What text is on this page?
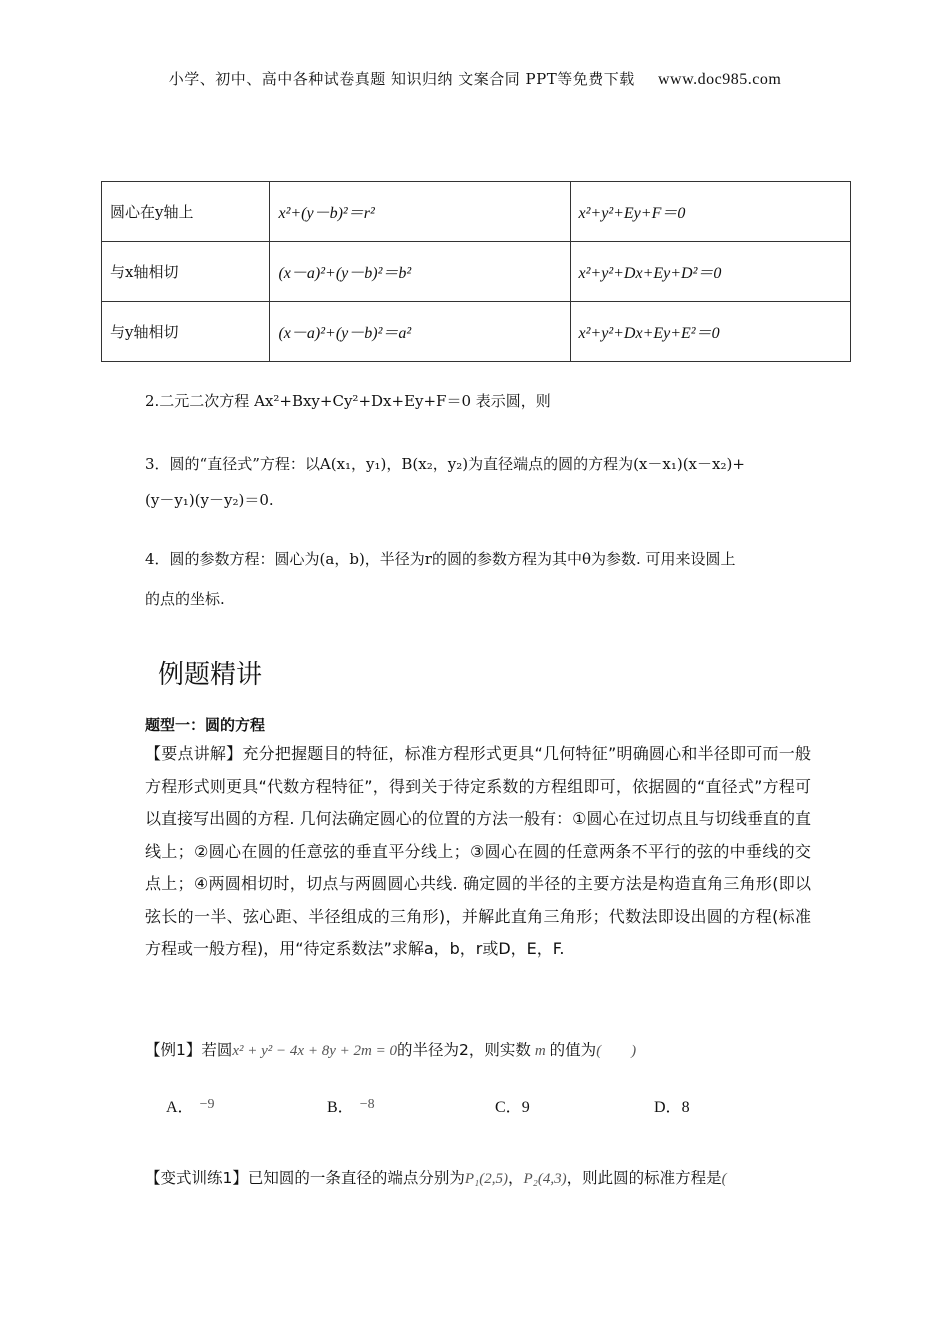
小学、初中、高中各种试卷真题 知识归纳 文案合同 PPT等免费下载 www.doc985.com
圆心在y轴上	x²+(y－b)²＝r²	x²+y²+Ey+F＝0
与x轴相切	(x－a)²+(y－b)²＝b²	x²+y²+Dx+Ey+D²＝0
与y轴相切	(x－a)²+(y－b)²＝a²	x²+y²+Dx+Ey+E²＝0
2.二元二次方程 Ax²+Bxy+Cy²+Dx+Ey+F＝0 表示圆，则
3．圆的“直径式”方程：以A(x₁，y₁)，B(x₂，y₂)为直径端点的圆的方程为(x－x₁)(x－x₂)+
(y－y₁)(y－y₂)＝0.
4．圆的参数方程：圆心为(a，b)，半径为r的圆的参数方程为其中θ为参数. 可用来设圆上
的点的坐标.
例题精讲
题型一：圆的方程
【要点讲解】充分把握题目的特征，标准方程形式更具“几何特征”明确圆心和半径即可而一般方程形式则更具“代数方程特征”，得到关于待定系数的方程组即可，依据圆的“直径式”方程可以直接写出圆的方程. 几何法确定圆心的位置的方法一般有：①圆心在过切点且与切线垂直的直线上；②圆心在圆的任意弦的垂直平分线上；③圆心在圆的任意两条不平行的弦的中垂线的交点上；④两圆相切时，切点与两圆圆心共线. 确定圆的半径的主要方法是构造直角三角形(即以弦长的一半、弦心距、半径组成的三角形)，并解此直角三角形；代数法即设出圆的方程(标准方程或一般方程)，用“待定系数法”求解a，b，r或D，E，F.
【例1】若圆x² + y² − 4x + 8y + 2m = 0的半径为2，则实数 m 的值为(        )
A． −9	B． −8	C．9	D．8
【变式训练1】已知圆的一条直径的端点分别为P₁(2,5)，P₂(4,3)，则此圆的标准方程是(
